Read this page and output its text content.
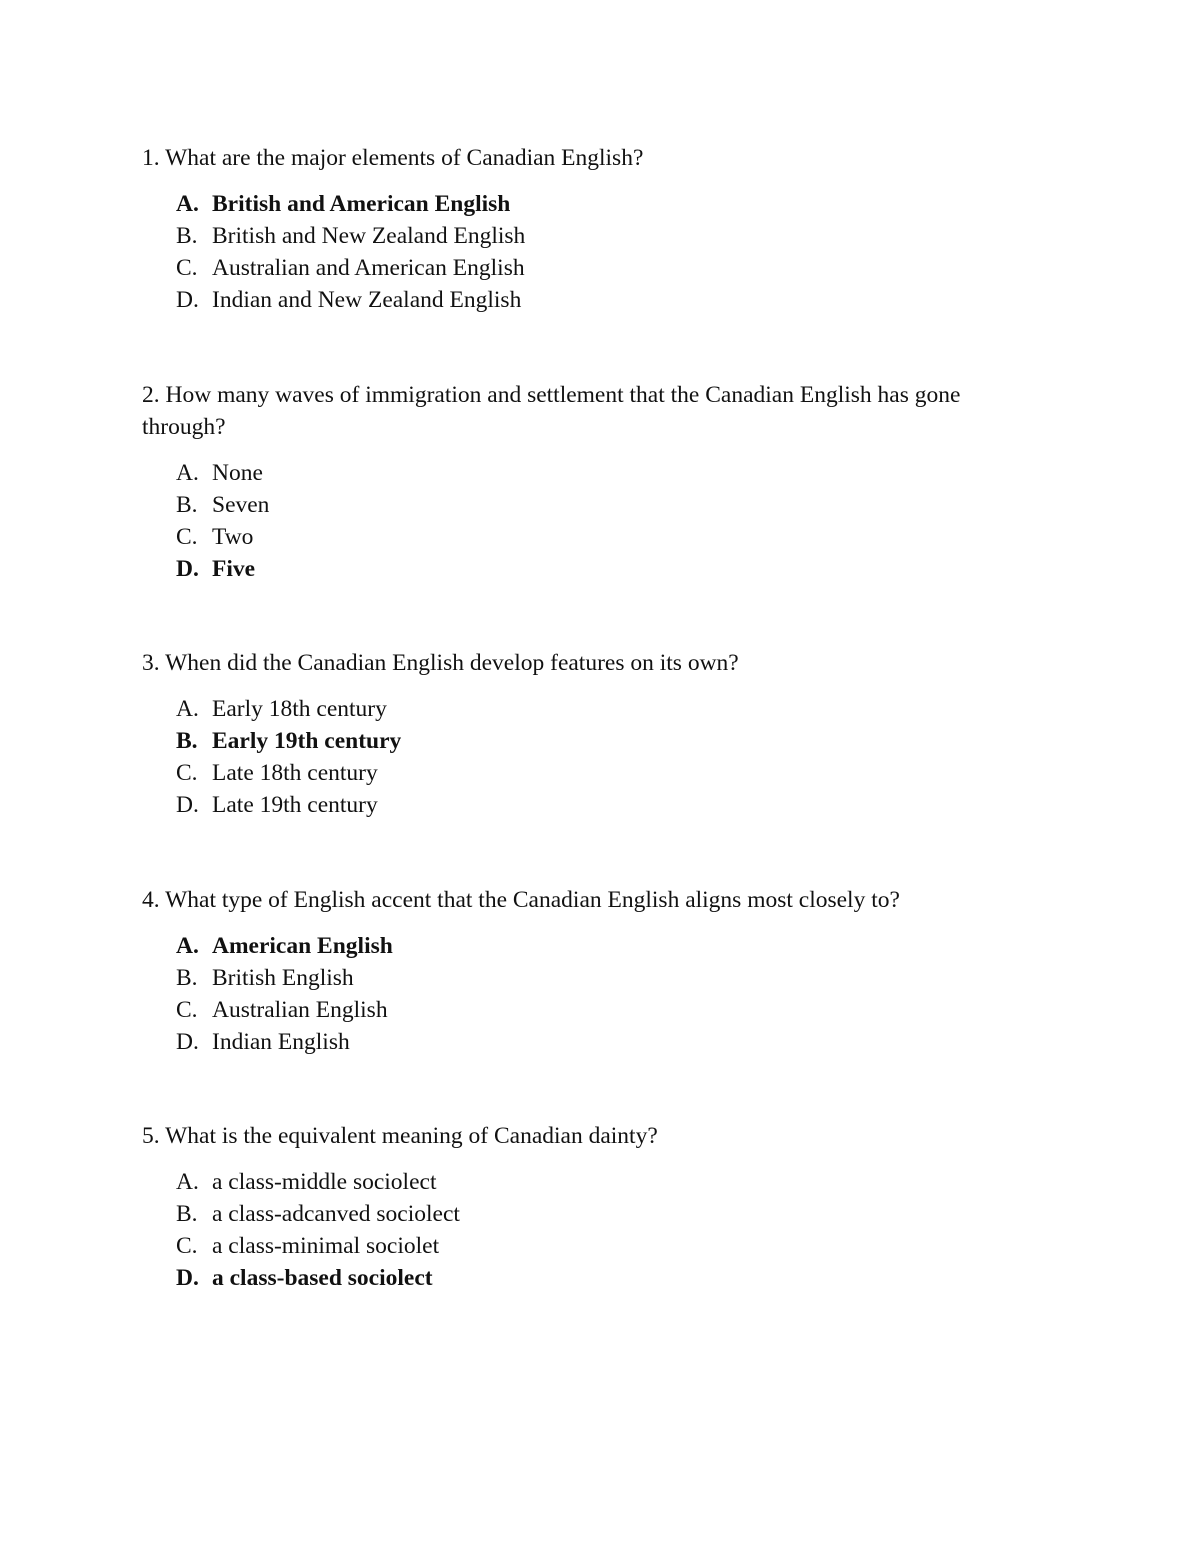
1. What are the major elements of Canadian English?

A. British and American English
B. British and New Zealand English
C. Australian and American English
D. Indian and New Zealand English

2. How many waves of immigration and settlement that the Canadian English has gone through?

A. None
B. Seven
C. Two
D. Five

3. When did the Canadian English develop features on its own?

A. Early 18th century
B. Early 19th century
C. Late 18th century
D. Late 19th century

4. What type of English accent that the Canadian English aligns most closely to?

A. American English
B. British English
C. Australian English
D. Indian English

5. What is the equivalent meaning of Canadian dainty?

A. a class-middle sociolect
B. a class-adcanved sociolect
C. a class-minimal sociolet
D. a class-based sociolect
